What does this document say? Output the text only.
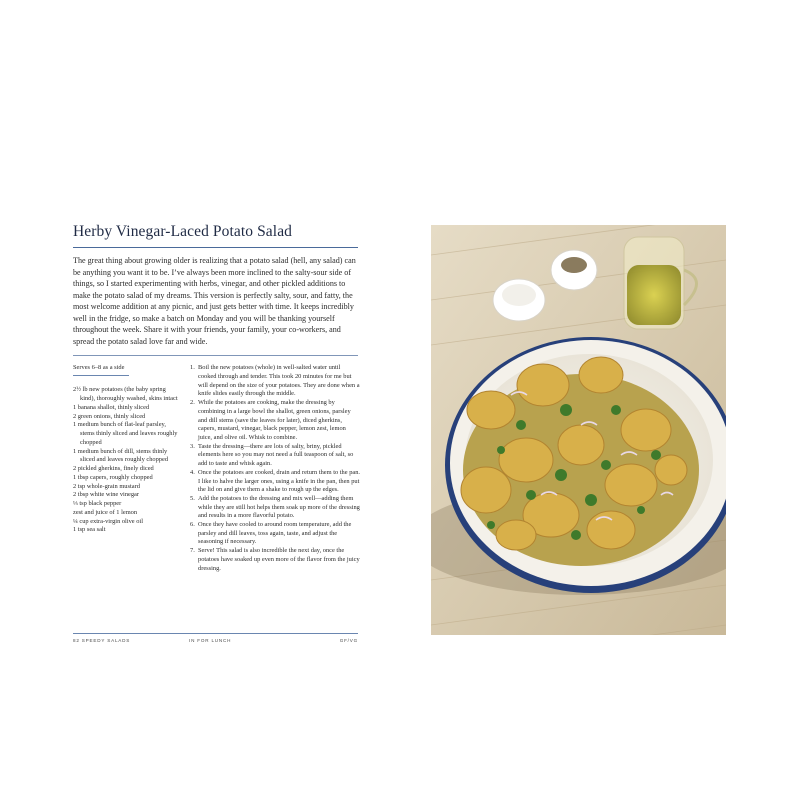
Herby Vinegar-Laced Potato Salad

The great thing about growing older is realizing that a potato salad (hell, any salad) can be anything you want it to be. I’ve always been more inclined to the salty-sour side of things, so I started experimenting with herbs, vinegar, and other pickled additions to make the potato salad of my dreams. This version is perfectly salty, sour, and fatty, the most welcome addition at any picnic, and just gets better with time. It keeps incredibly well in the fridge, so make a batch on Monday and you will be thanking yourself throughout the week. Share it with your friends, your family, your co-workers, and spread the potato salad love far and wide.

Serves 6–8 as a side
2½ lb new potatoes (the baby spring kind), thoroughly washed, skins intact
1 banana shallot, thinly sliced
2 green onions, thinly sliced
1 medium bunch of flat-leaf parsley, stems thinly sliced and leaves roughly chopped
1 medium bunch of dill, stems thinly sliced and leaves roughly chopped
2 pickled gherkins, finely diced
1 tbsp capers, roughly chopped
2 tsp whole-grain mustard
2 tbsp white wine vinegar
⅓ tsp black pepper
zest and juice of 1 lemon
¼ cup extra-virgin olive oil
1 tsp sea salt
1. Boil the new potatoes (whole) in well-salted water until cooked through and tender. This took 20 minutes for me but will depend on the size of your potatoes. They are done when a knife slides easily through the middle.
2. While the potatoes are cooking, make the dressing by combining in a large bowl the shallot, green onions, parsley and dill stems (save the leaves for later), diced gherkins, capers, mustard, vinegar, black pepper, lemon zest, lemon juice, and olive oil. Whisk to combine.
3. Taste the dressing—there are lots of salty, briny, pickled elements here so you may not need a full teaspoon of salt, so add to taste and whisk again.
4. Once the potatoes are cooked, drain and return them to the pan. I like to halve the larger ones, using a knife in the pan, then put the lid on and give them a shake to rough up the edges.
5. Add the potatoes to the dressing and mix well—adding them while they are still hot helps them soak up more of the dressing and results in a more flavorful potato.
6. Once they have cooled to around room temperature, add the parsley and dill leaves, toss again, taste, and adjust the seasoning if necessary.
7. Serve! This salad is also incredible the next day, once the potatoes have soaked up even more of the flavor from the juicy dressing.
82 SPEEDY SALADS	IN FOR LUNCH	GF/VG
